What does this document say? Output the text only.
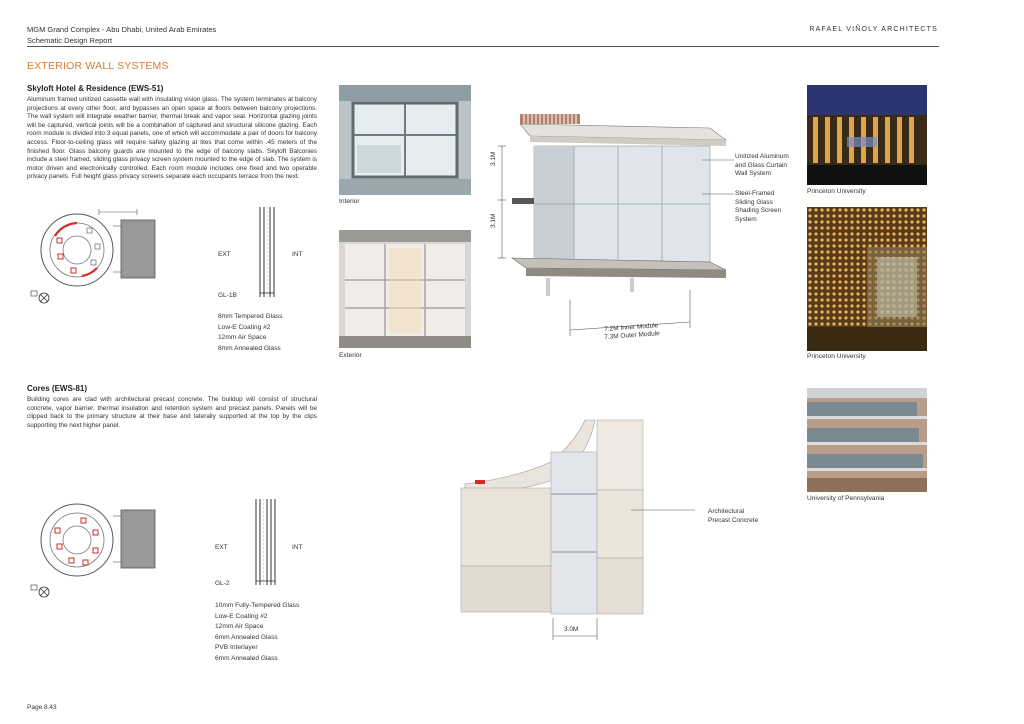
MGM Grand Complex - Abu Dhabi, United Arab Emirates
Schematic Design Report
RAFAEL VIÑOLY ARCHITECTS
EXTERIOR WALL SYSTEMS
Skyloft Hotel & Residence (EWS-51)
Aluminum framed unitized cassette wall with insulating vision glass. The system terminates at balcony projections at every other floor, and bypasses an open space at floors between balcony projections. The wall system will integrate weather barrier, thermal break and vapor seal. Horizontal glazing joints will be captured, vertical joints will be a combination of captured and structural silicone glazing. Each room module is divided into 3 equal panels, one of which will accommodate a pair of doors for balcony access. Floor-to-ceiling glass will require safety glazing at lites that come within .45 meters of the finished floor. Glass balcony guards are mounted to the edge of balcony slabs. Skyloft Balconies include a steel framed, sliding glass privacy screen system mounted to the edge of slab. The system is motor driven and electronically controlled. Each room module includes one fixed and two operable privacy panels. Full height glass privacy screens separate each occupants terrace from the next.
EXT	INT
GL-1B
8mm Tempered Glass
Low-E Coating #2
12mm Air Space
8mm Annealed Glass
Interior
Exterior
3.1M
3.1M
7.2M Inner Module
7.3M Outer Module
Unitized Aluminum
and Glass Curtain
Wall System
Steel-Framed
Sliding Glass
Shading Screen
System
Princeton University
Princeton University
Cores (EWS-81)
Building cores are clad with architectural precast concrete. The buildup will consist of structural concrete, vapor barrier, thermal insulation and retention system and precast panels. Panels will be clipped back to the primary structure at their base and laterally supported at the top by the clips supporting the next higher panel.
EXT	INT
GL-2
10mm Fully-Tempered Glass
Low-E Coating #2
12mm Air Space
6mm Annealed Glass
PVB Interlayer
6mm Annealed Glass
3.0M
Architectural
Precast Concrete
University of Pennsylvania
Page 8.43
